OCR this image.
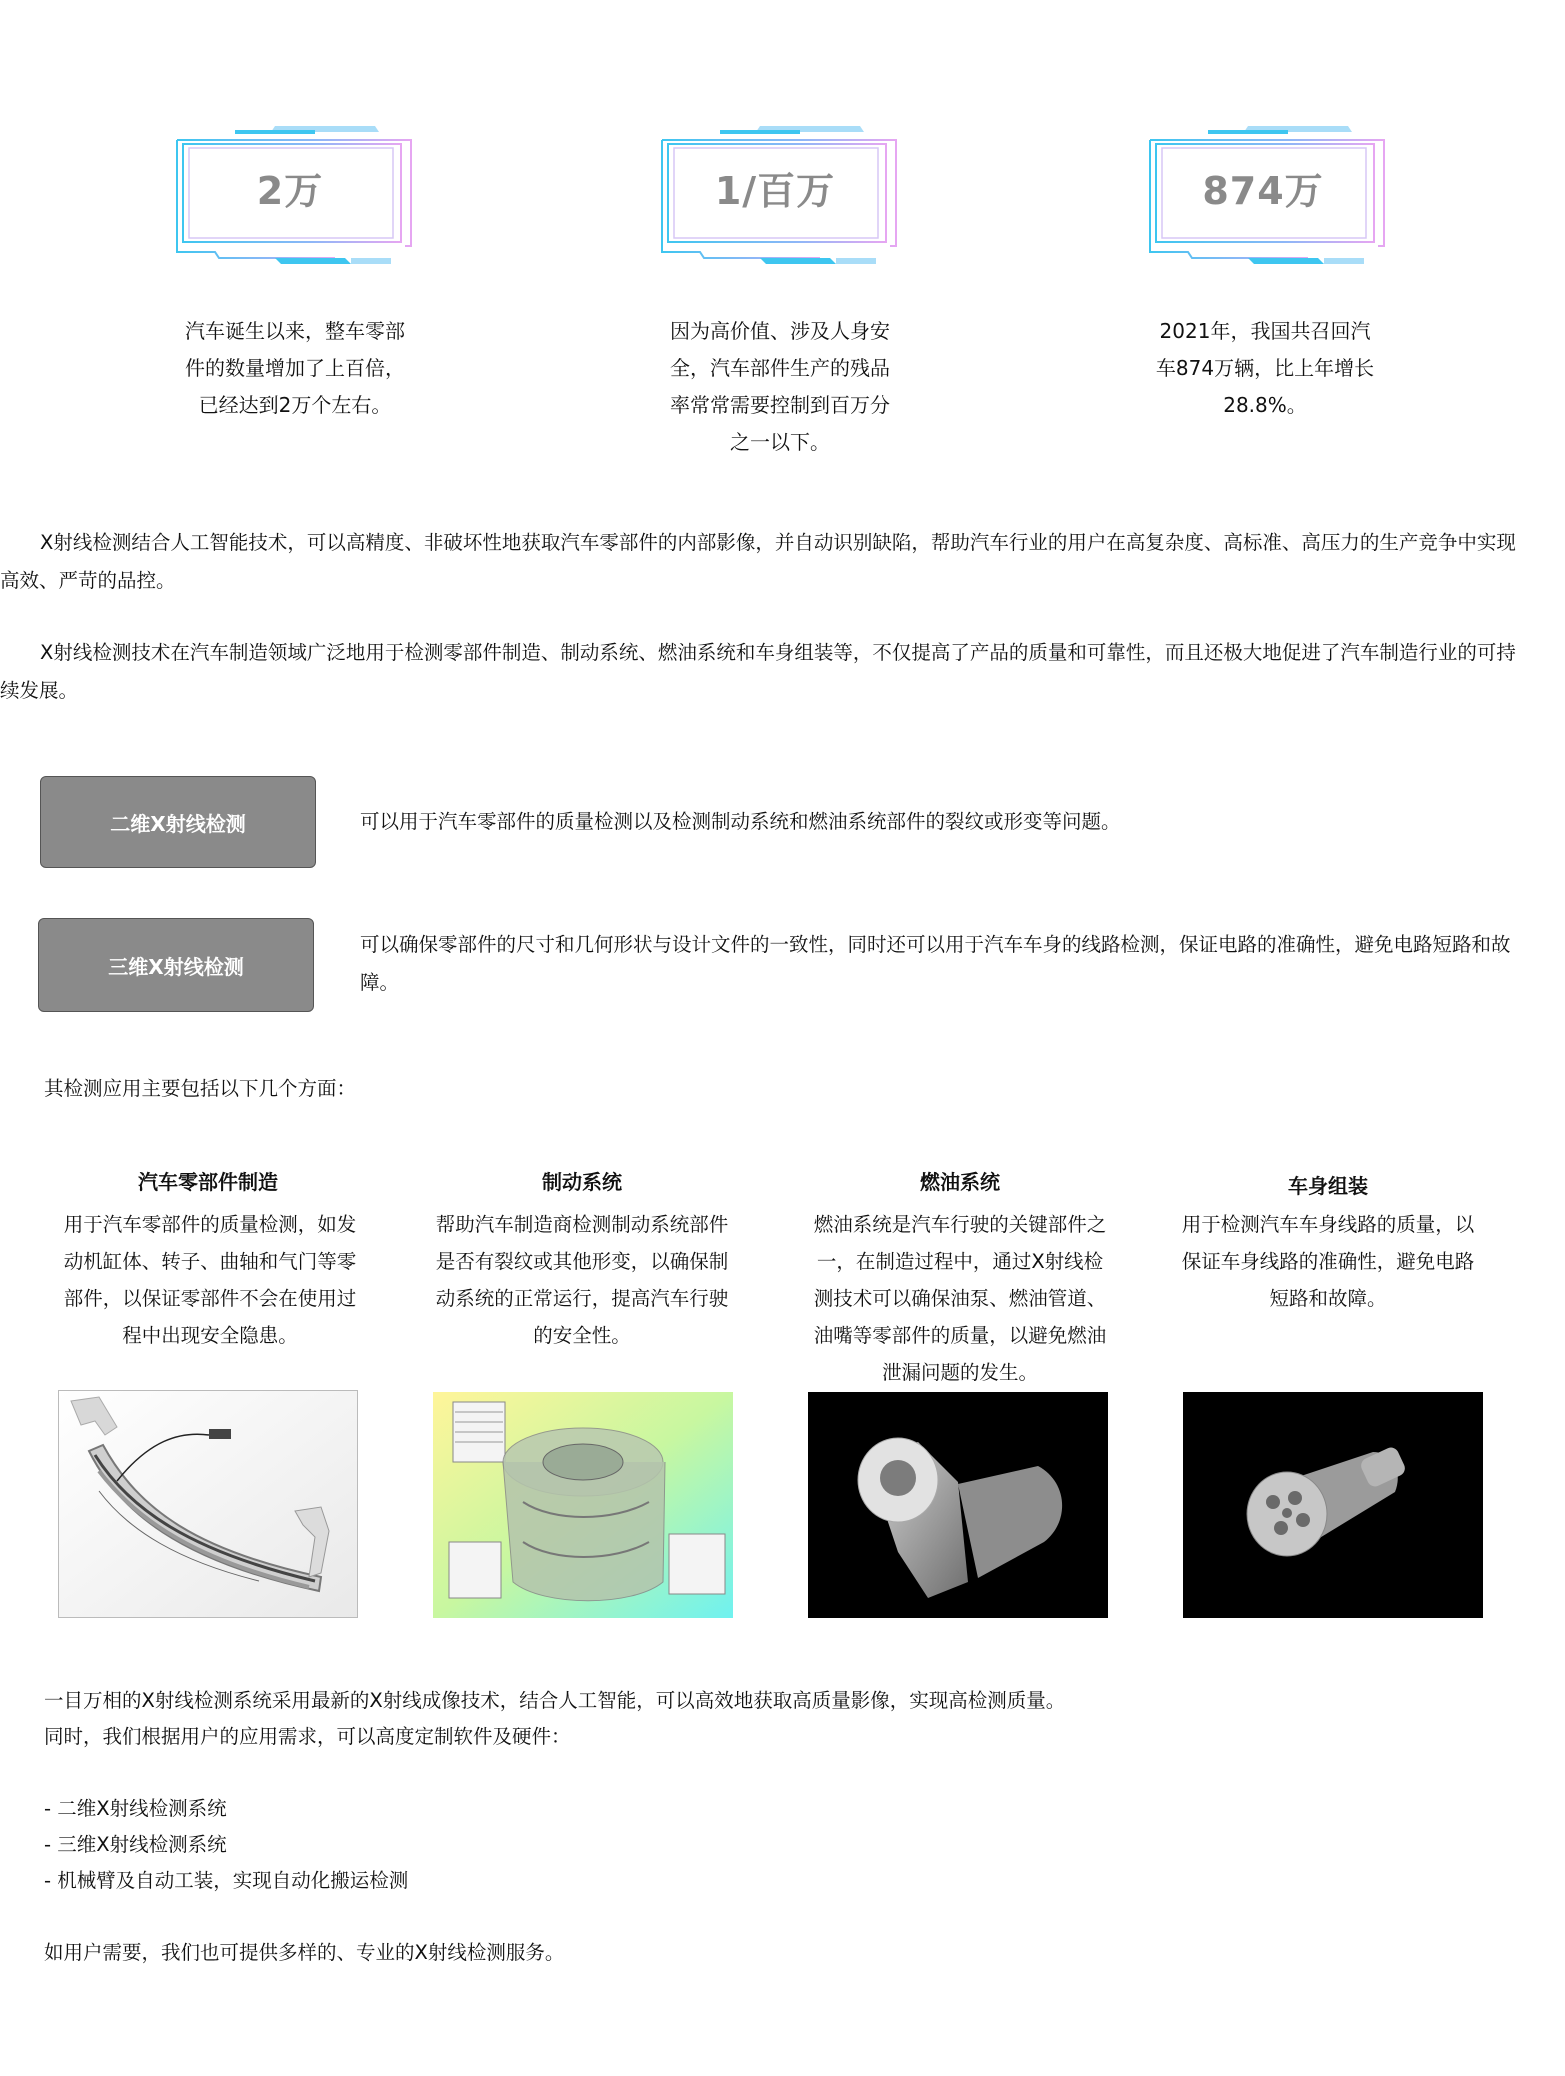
2万
汽车诞生以来，整车零部
件的数量增加了上百倍，
已经达到2万个左右。
1/百万
因为高价值、涉及人身安
全，汽车部件生产的残品
率常常需要控制到百万分
之一以下。
874万
2021年，我国共召回汽
车874万辆，比上年增长
28.8%。
X射线检测结合人工智能技术，可以高精度、非破坏性地获取汽车零部件的内部影像，并自动识别缺陷，帮助汽车行业的用户在高复杂度、高标准、高压力的生产竞争中实现高效、严苛的品控。
X射线检测技术在汽车制造领域广泛地用于检测零部件制造、制动系统、燃油系统和车身组装等，不仅提高了产品的质量和可靠性，而且还极大地促进了汽车制造行业的可持续发展。
二维X射线检测	可以用于汽车零部件的质量检测以及检测制动系统和燃油系统部件的裂纹或形变等问题。
三维X射线检测
可以确保零部件的尺寸和几何形状与设计文件的一致性，同时还可以用于汽车车身的线路检测，保证电路的准确性，避免电路短路和故障。
其检测应用主要包括以下几个方面：
汽车零部件制造
用于汽车零部件的质量检测，如发
动机缸体、转子、曲轴和气门等零
部件，以保证零部件不会在使用过
程中出现安全隐患。
制动系统
帮助汽车制造商检测制动系统部件
是否有裂纹或其他形变，以确保制
动系统的正常运行，提高汽车行驶
的安全性。
燃油系统
燃油系统是汽车行驶的关键部件之
一，在制造过程中，通过X射线检
测技术可以确保油泵、燃油管道、
油嘴等零部件的质量，以避免燃油
泄漏问题的发生。
车身组装
用于检测汽车车身线路的质量，以
保证车身线路的准确性，避免电路
短路和故障。
一目万相的X射线检测系统采用最新的X射线成像技术，结合人工智能，可以高效地获取高质量影像，实现高检测质量。
同时，我们根据用户的应用需求，可以高度定制软件及硬件：
- 二维X射线检测系统
- 三维X射线检测系统
- 机械臂及自动工装，实现自动化搬运检测
如用户需要，我们也可提供多样的、专业的X射线检测服务。
